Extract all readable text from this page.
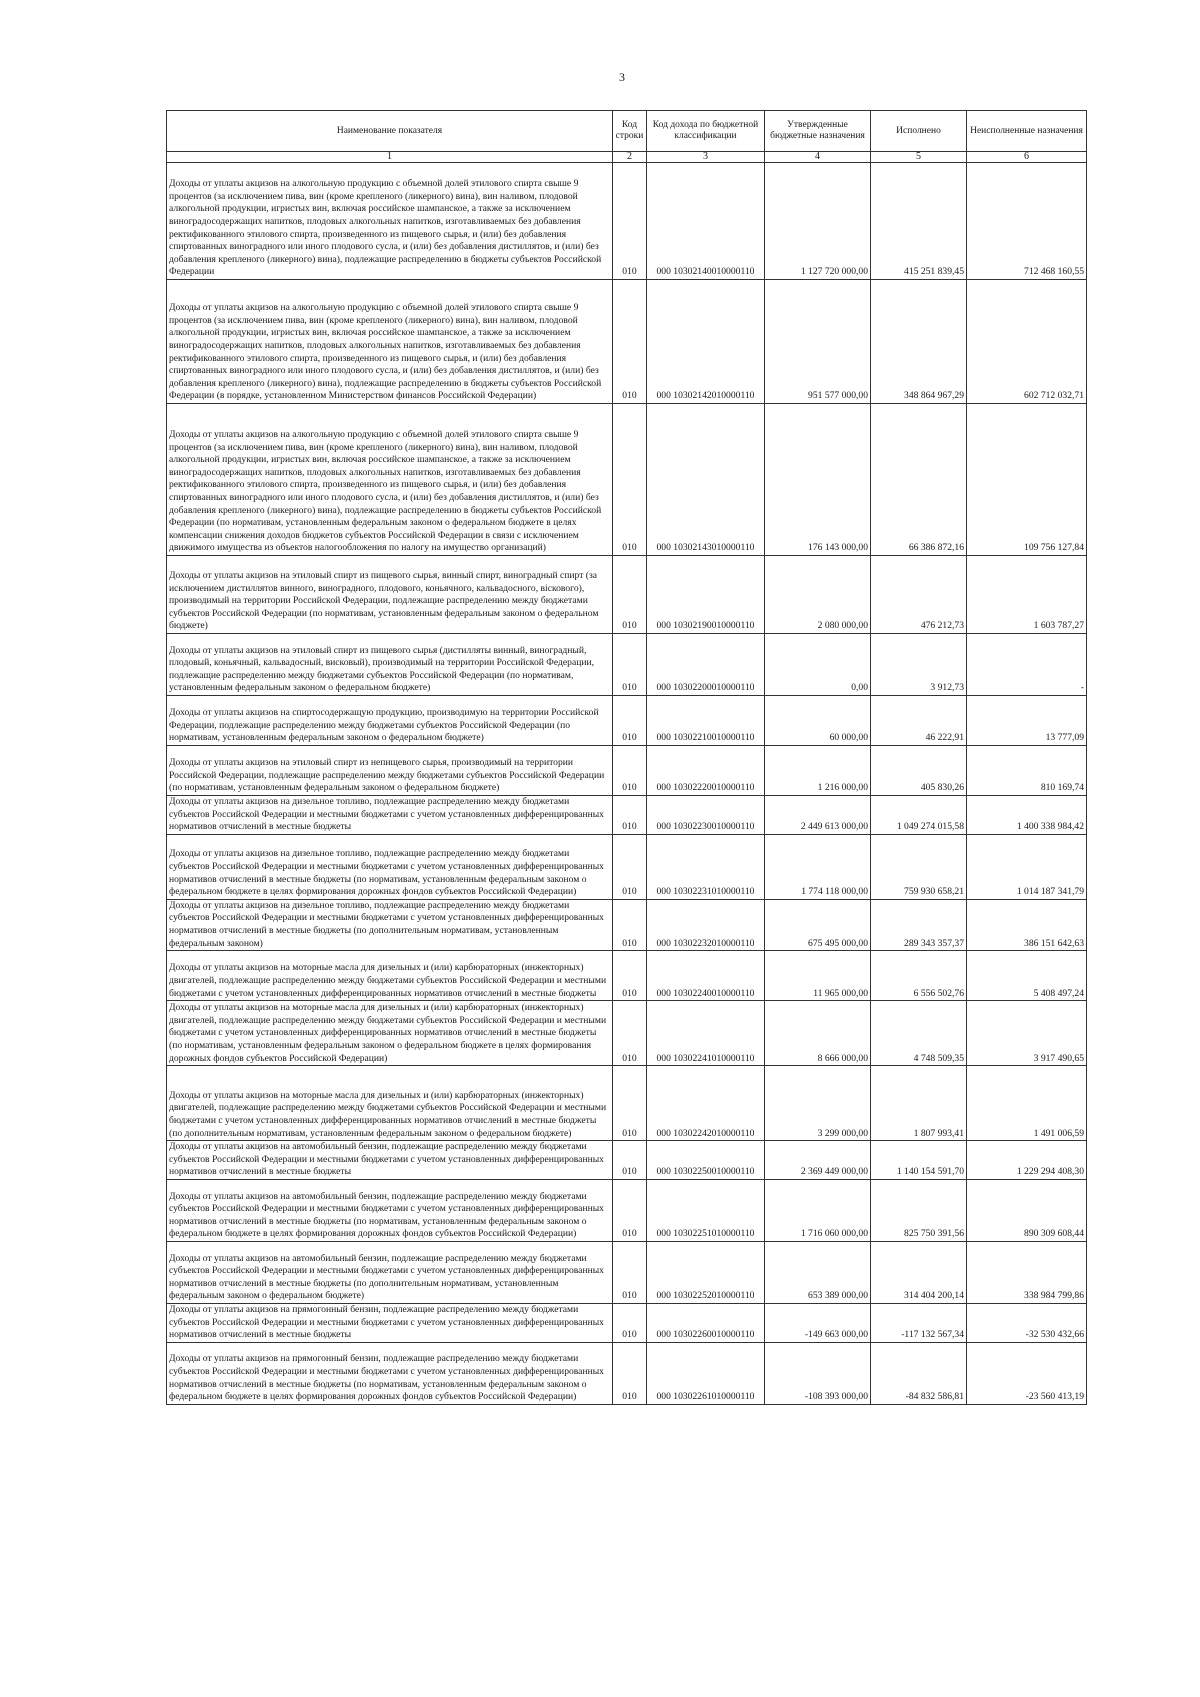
3
Наименование показателя	Код строки	Код дохода по бюджетной классификации	Утвержденные бюджетные назначения	Исполнено	Неисполненные назначения
1	2	3	4	5	6
Доходы от уплаты акцизов на алкогольную продукцию с объемной долей этилового спирта свыше 9 процентов (за исключением пива, вин (кроме крепленого (ликерного) вина), вин наливом, плодовой алкогольной продукции, игристых вин, включая российское шампанское, а также за исключением виноградосодержащих напитков, плодовых алкогольных напитков, изготавливаемых без добавления ректификованного этилового спирта, произведенного из пищевого сырья, и (или) без добавления спиртованных виноградного или иного плодового сусла, и (или) без добавления дистиллятов, и (или) без добавления крепленого (ликерного) вина), подлежащие распределению в бюджеты субъектов Российской Федерации	010	000 10302140010000110	1 127 720 000,00	415 251 839,45	712 468 160,55
Доходы от уплаты акцизов на алкогольную продукцию с объемной долей этилового спирта свыше 9 процентов (за исключением пива, вин (кроме крепленого (ликерного) вина), вин наливом, плодовой алкогольной продукции, игристых вин, включая российское шампанское, а также за исключением виноградосодержащих напитков, плодовых алкогольных напитков, изготавливаемых без добавления ректификованного этилового спирта, произведенного из пищевого сырья, и (или) без добавления спиртованных виноградного или иного плодового сусла, и (или) без добавления дистиллятов, и (или) без добавления крепленого (ликерного) вина), подлежащие распределению в бюджеты субъектов Российской Федерации (в порядке, установленном Министерством финансов Российской Федерации)	010	000 10302142010000110	951 577 000,00	348 864 967,29	602 712 032,71
Доходы от уплаты акцизов на алкогольную продукцию с объемной долей этилового спирта свыше 9 процентов (за исключением пива, вин (кроме крепленого (ликерного) вина), вин наливом, плодовой алкогольной продукции, игристых вин, включая российское шампанское, а также за исключением виноградосодержащих напитков, плодовых алкогольных напитков, изготавливаемых без добавления ректификованного этилового спирта, произведенного из пищевого сырья, и (или) без добавления спиртованных виноградного или иного плодового сусла, и (или) без добавления дистиллятов, и (или) без добавления крепленого (ликерного) вина), подлежащие распределению в бюджеты субъектов Российской Федерации (по нормативам, установленным федеральным законом о федеральном бюджете в целях компенсации снижения доходов бюджетов субъектов Российской Федерации в связи с исключением движимого имущества из объектов налогообложения по налогу на имущество организаций)	010	000 10302143010000110	176 143 000,00	66 386 872,16	109 756 127,84
Доходы от уплаты акцизов на этиловый спирт из пищевого сырья, винный спирт, виноградный спирт (за исключением дистиллятов винного, виноградного, плодового, коньячного, кальвадосного, віскового), производимый на территории Российской Федерации, подлежащие распределению между бюджетами субъектов Российской Федерации (по нормативам, установленным федеральным законом о федеральном бюджете)	010	000 10302190010000110	2 080 000,00	476 212,73	1 603 787,27
Доходы от уплаты акцизов на этиловый спирт из пищевого сырья (дистилляты винный, виноградный, плодовый, коньячный, кальвадосный, висковый), производимый на территории Российской Федерации, подлежащие распределению между бюджетами субъектов Российской Федерации (по нормативам, установленным федеральным законом о федеральном бюджете)	010	000 10302200010000110	0,00	3 912,73	-
Доходы от уплаты акцизов на спиртосодержащую продукцию, производимую на территории Российской Федерации, подлежащие распределению между бюджетами субъектов Российской Федерации (по нормативам, установленным федеральным законом о федеральном бюджете)	010	000 10302210010000110	60 000,00	46 222,91	13 777,09
Доходы от уплаты акцизов на этиловый спирт из непищевого сырья, производимый на территории Российской Федерации, подлежащие распределению между бюджетами субъектов Российской Федерации (по нормативам, установленным федеральным законом о федеральном бюджете)	010	000 10302220010000110	1 216 000,00	405 830,26	810 169,74
Доходы от уплаты акцизов на дизельное топливо, подлежащие распределению между бюджетами субъектов Российской Федерации и местными бюджетами с учетом установленных дифференцированных нормативов отчислений в местные бюджеты	010	000 10302230010000110	2 449 613 000,00	1 049 274 015,58	1 400 338 984,42
Доходы от уплаты акцизов на дизельное топливо, подлежащие распределению между бюджетами субъектов Российской Федерации и местными бюджетами с учетом установленных дифференцированных нормативов отчислений в местные бюджеты (по нормативам, установленным федеральным законом о федеральном бюджете в целях формирования дорожных фондов субъектов Российской Федерации)	010	000 10302231010000110	1 774 118 000,00	759 930 658,21	1 014 187 341,79
Доходы от уплаты акцизов на дизельное топливо, подлежащие распределению между бюджетами субъектов Российской Федерации и местными бюджетами с учетом установленных дифференцированных нормативов отчислений в местные бюджеты (по дополнительным нормативам, установленным федеральным законом)	010	000 10302232010000110	675 495 000,00	289 343 357,37	386 151 642,63
Доходы от уплаты акцизов на моторные масла для дизельных и (или) карбюраторных (инжекторных) двигателей, подлежащие распределению между бюджетами субъектов Российской Федерации и местными бюджетами с учетом установленных дифференцированных нормативов отчислений в местные бюджеты	010	000 10302240010000110	11 965 000,00	6 556 502,76	5 408 497,24
Доходы от уплаты акцизов на моторные масла для дизельных и (или) карбюраторных (инжекторных) двигателей, подлежащие распределению между бюджетами субъектов Российской Федерации и местными бюджетами с учетом установленных дифференцированных нормативов отчислений в местные бюджеты (по нормативам, установленным федеральным законом о федеральном бюджете в целях формирования дорожных фондов субъектов Российской Федерации)	010	000 10302241010000110	8 666 000,00	4 748 509,35	3 917 490,65
Доходы от уплаты акцизов на моторные масла для дизельных и (или) карбюраторных (инжекторных) двигателей, подлежащие распределению между бюджетами субъектов Российской Федерации и местными бюджетами с учетом установленных дифференцированных нормативов отчислений в местные бюджеты (по дополнительным нормативам, установленным федеральным законом о федеральном бюджете)	010	000 10302242010000110	3 299 000,00	1 807 993,41	1 491 006,59
Доходы от уплаты акцизов на автомобильный бензин, подлежащие распределению между бюджетами субъектов Российской Федерации и местными бюджетами с учетом установленных дифференцированных нормативов отчислений в местные бюджеты	010	000 10302250010000110	2 369 449 000,00	1 140 154 591,70	1 229 294 408,30
Доходы от уплаты акцизов на автомобильный бензин, подлежащие распределению между бюджетами субъектов Российской Федерации и местными бюджетами с учетом установленных дифференцированных нормативов отчислений в местные бюджеты (по нормативам, установленным федеральным законом о федеральном бюджете в целях формирования дорожных фондов субъектов Российской Федерации)	010	000 10302251010000110	1 716 060 000,00	825 750 391,56	890 309 608,44
Доходы от уплаты акцизов на автомобильный бензин, подлежащие распределению между бюджетами субъектов Российской Федерации и местными бюджетами с учетом установленных дифференцированных нормативов отчислений в местные бюджеты (по дополнительным нормативам, установленным федеральным законом о федеральном бюджете)	010	000 10302252010000110	653 389 000,00	314 404 200,14	338 984 799,86
Доходы от уплаты акцизов на прямогонный бензин, подлежащие распределению между бюджетами субъектов Российской Федерации и местными бюджетами с учетом установленных дифференцированных нормативов отчислений в местные бюджеты	010	000 10302260010000110	-149 663 000,00	-117 132 567,34	-32 530 432,66
Доходы от уплаты акцизов на прямогонный бензин, подлежащие распределению между бюджетами субъектов Российской Федерации и местными бюджетами с учетом установленных дифференцированных нормативов отчислений в местные бюджеты (по нормативам, установленным федеральным законом о федеральном бюджете в целях формирования дорожных фондов субъектов Российской Федерации)	010	000 10302261010000110	-108 393 000,00	-84 832 586,81	-23 560 413,19
